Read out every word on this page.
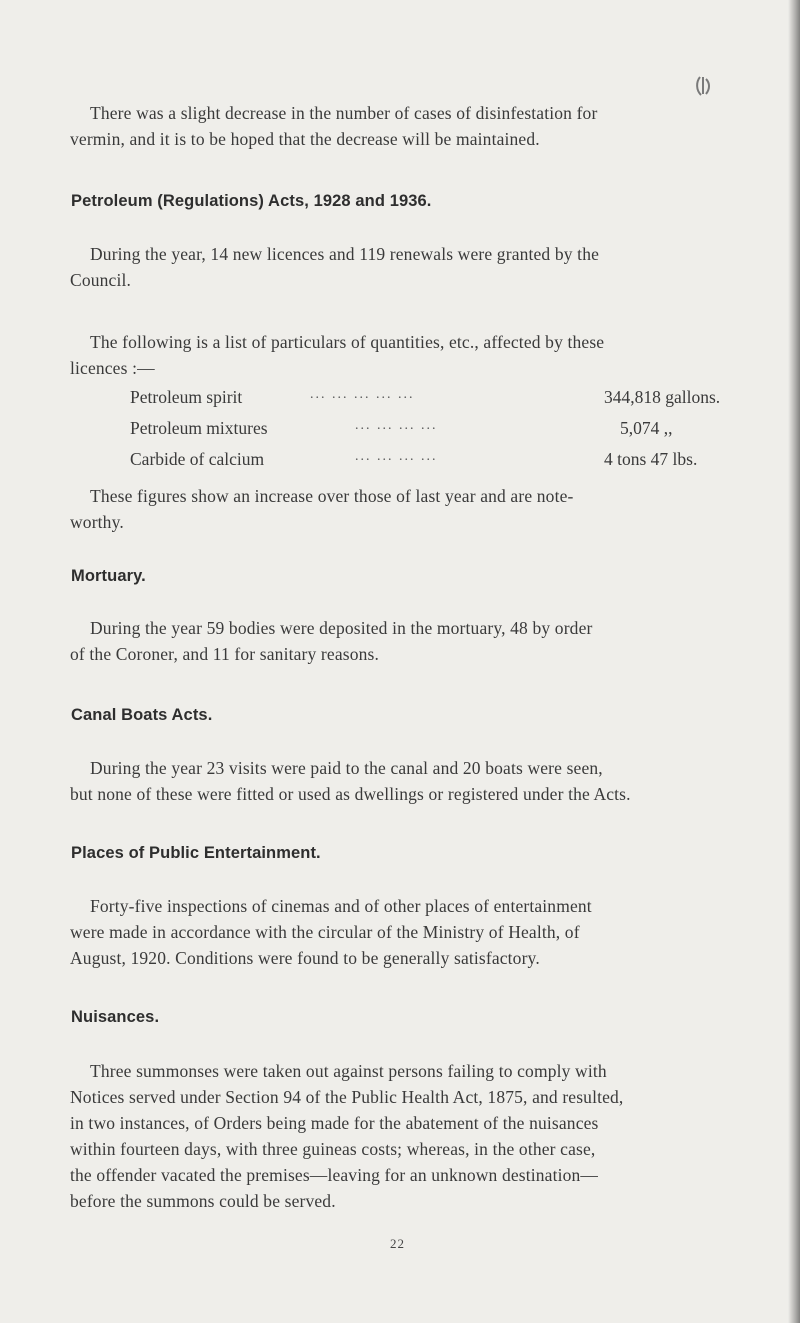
There was a slight decrease in the number of cases of disinfestation for
vermin, and it is to be hoped that the decrease will be maintained.
Petroleum (Regulations) Acts, 1928 and 1936.
During the year, 14 new licences and 119 renewals were granted by the
Council.
The following is a list of particulars of quantities, etc., affected by these
licences :—
Petroleum spirit	... ... ... ... ...	344,818 gallons.
Petroleum mixtures	... ... ... ...	5,074 ,,
Carbide of calcium	... ... ... ...	4 tons 47 lbs.
These figures show an increase over those of last year and are note-
worthy.
Mortuary.
During the year 59 bodies were deposited in the mortuary, 48 by order
of the Coroner, and 11 for sanitary reasons.
Canal Boats Acts.
During the year 23 visits were paid to the canal and 20 boats were seen,
but none of these were fitted or used as dwellings or registered under the Acts.
Places of Public Entertainment.
Forty-five inspections of cinemas and of other places of entertainment
were made in accordance with the circular of the Ministry of Health, of
August, 1920. Conditions were found to be generally satisfactory.
Nuisances.
Three summonses were taken out against persons failing to comply with
Notices served under Section 94 of the Public Health Act, 1875, and resulted,
in two instances, of Orders being made for the abatement of the nuisances
within fourteen days, with three guineas costs; whereas, in the other case,
the offender vacated the premises—leaving for an unknown destination—
before the summons could be served.
22
